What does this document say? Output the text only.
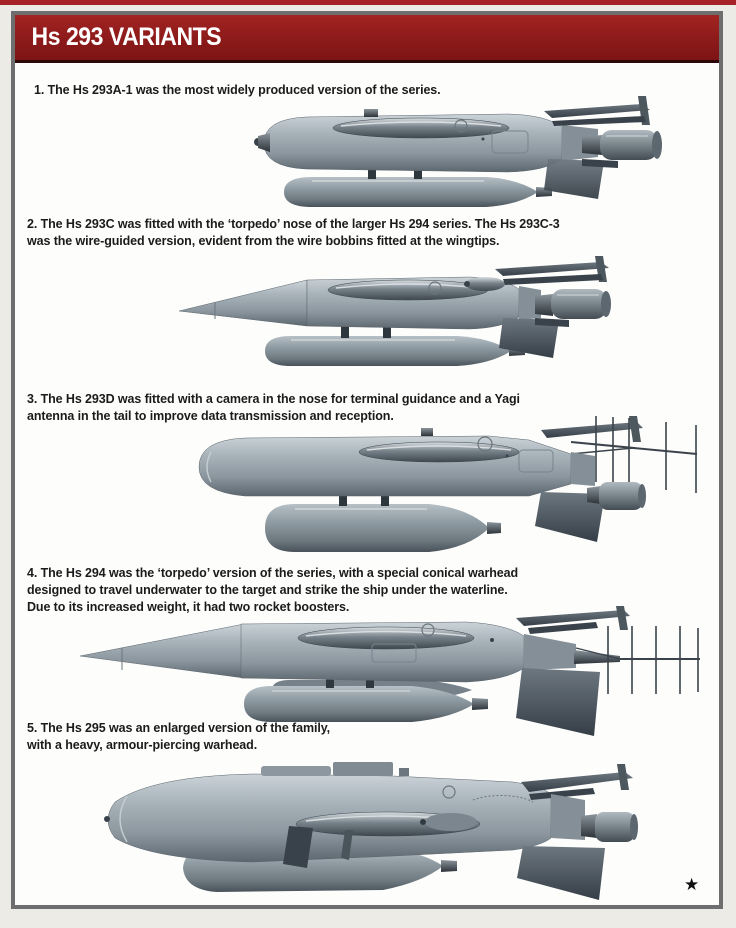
Hs 293 VARIANTS
1. The Hs 293A-1 was the most widely produced version of the series.
2. The Hs 293C was fitted with the ‘torpedo’ nose of the larger Hs 294 series. The Hs 293C-3
was the wire-guided version, evident from the wire bobbins fitted at the wingtips.
3. The Hs 293D was fitted with a camera in the nose for terminal guidance and a Yagi
antenna in the tail to improve data transmission and reception.
4. The Hs 294 was the ‘torpedo’ version of the series, with a special conical warhead
designed to travel underwater to the target and strike the ship under the waterline.
Due to its increased weight, it had two rocket boosters.
5. The Hs 295 was an enlarged version of the family,
with a heavy, armour-piercing warhead.
★
